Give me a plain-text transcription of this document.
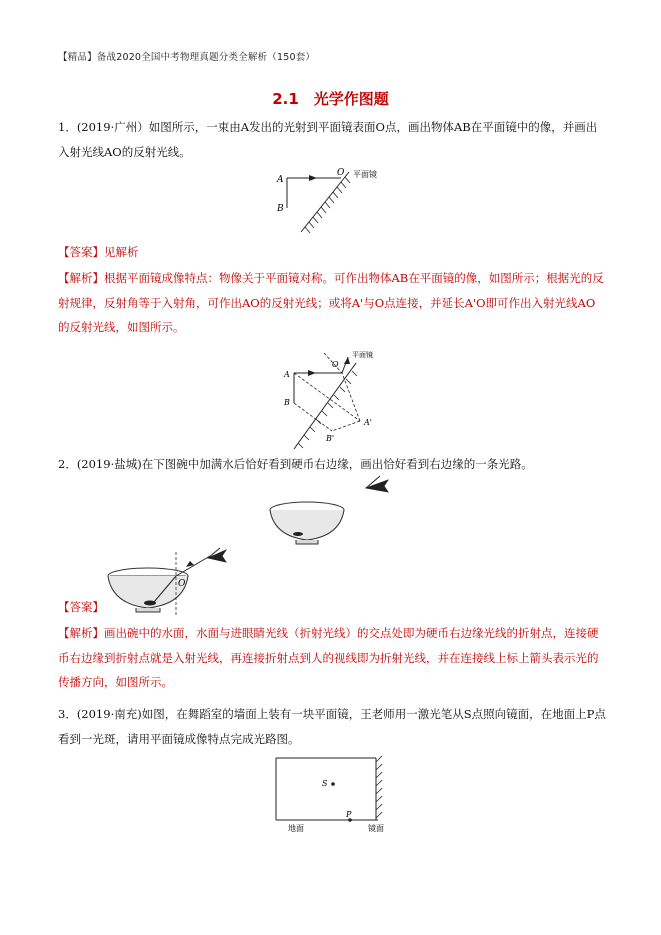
【精品】备战2020全国中考物理真题分类全解析（150套）
2.1　光学作图题
1．(2019·广州）如图所示，一束由A发出的光射到平面镜表面O点，画出物体AB在平面镜中的像，并画出入射光线AO的反射光线。
A
B
O 平面镜
【答案】见解析
【解析】根据平面镜成像特点：物像关于平面镜对称。可作出物体AB在平面镜的像，如图所示；根据光的反射规律，反射角等于入射角，可作出AO的反射光线；或将A'与O点连接，并延长A'O即可作出入射光线AO的反射光线，如图所示。
A
B
O
平面镜
A'
B'
2．(2019·盐城)在下图碗中加满水后恰好看到硬币右边缘，画出恰好看到右边缘的一条光路。
O
【答案】
【解析】画出碗中的水面，水面与进眼睛光线（折射光线）的交点处即为硬币右边缘光线的折射点，连接硬币右边缘到折射点就是入射光线，再连接折射点到人的视线即为折射光线，并在连接线上标上箭头表示光的传播方向，如图所示。
3．(2019·南充)如图，在舞蹈室的墙面上装有一块平面镜，王老师用一激光笔从S点照向镜面，在地面上P点看到一光斑，请用平面镜成像特点完成光路图。
S
P
地面	镜面
